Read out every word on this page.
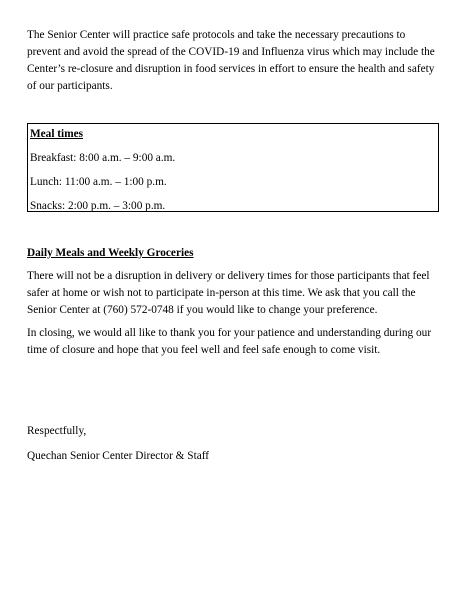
The Senior Center will practice safe protocols and take the necessary precautions to prevent and avoid the spread of the COVID-19 and Influenza virus which may include the Center’s re-closure and disruption in food services in effort to ensure the health and safety of our participants.

Meal times
Breakfast: 8:00 a.m. – 9:00 a.m.
Lunch: 11:00 a.m. – 1:00 p.m.
Snacks: 2:00 p.m. – 3:00 p.m.
Daily Meals and Weekly Groceries

There will not be a disruption in delivery or delivery times for those participants that feel safer at home or wish not to participate in-person at this time. We ask that you call the Senior Center at (760) 572-0748 if you would like to change your preference.

In closing, we would all like to thank you for your patience and understanding during our time of closure and hope that you feel well and feel safe enough to come visit.

Respectfully,
Quechan Senior Center Director & Staff
